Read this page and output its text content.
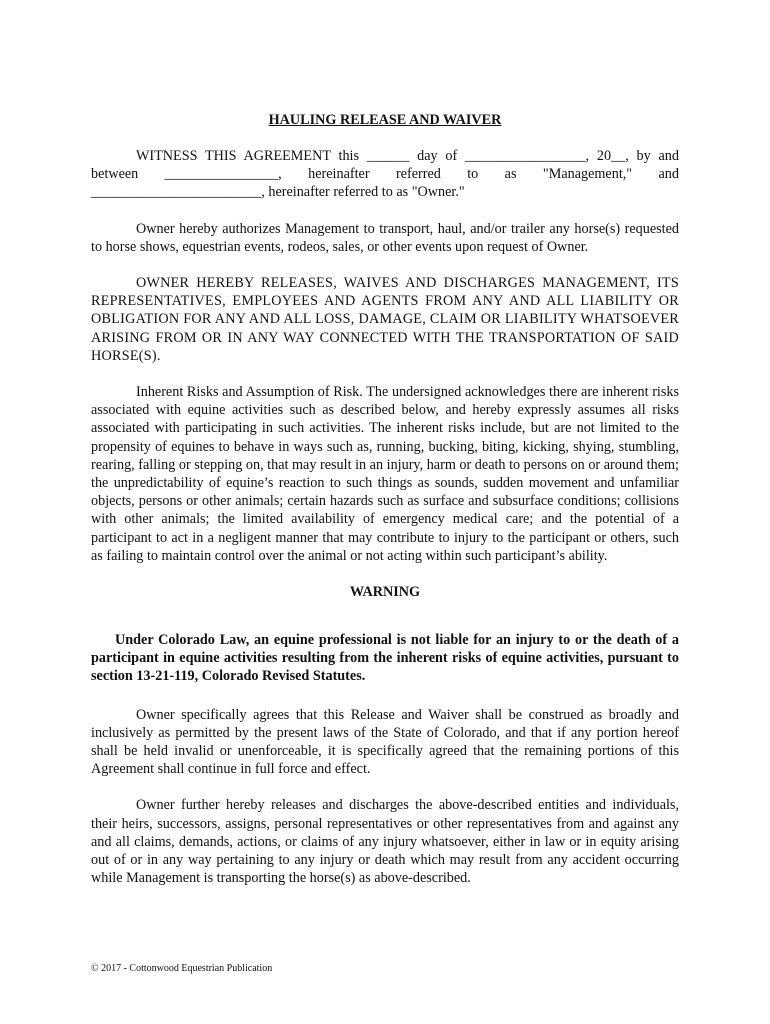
HAULING RELEASE AND WAIVER

WITNESS THIS AGREEMENT this ______ day of _________________, 20__, by and between ________________, hereinafter referred to as "Management," and ________________________, hereinafter referred to as "Owner."

Owner hereby authorizes Management to transport, haul, and/or trailer any horse(s) requested to horse shows, equestrian events, rodeos, sales, or other events upon request of Owner.

OWNER HEREBY RELEASES, WAIVES AND DISCHARGES MANAGEMENT, ITS REPRESENTATIVES, EMPLOYEES AND AGENTS FROM ANY AND ALL LIABILITY OR OBLIGATION FOR ANY AND ALL LOSS, DAMAGE, CLAIM OR LIABILITY WHATSOEVER ARISING FROM OR IN ANY WAY CONNECTED WITH THE TRANSPORTATION OF SAID HORSE(S).

Inherent Risks and Assumption of Risk. The undersigned acknowledges there are inherent risks associated with equine activities such as described below, and hereby expressly assumes all risks associated with participating in such activities. The inherent risks include, but are not limited to the propensity of equines to behave in ways such as, running, bucking, biting, kicking, shying, stumbling, rearing, falling or stepping on, that may result in an injury, harm or death to persons on or around them; the unpredictability of equine’s reaction to such things as sounds, sudden movement and unfamiliar objects, persons or other animals; certain hazards such as surface and subsurface conditions; collisions with other animals; the limited availability of emergency medical care; and the potential of a participant to act in a negligent manner that may contribute to injury to the participant or others, such as failing to maintain control over the animal or not acting within such participant’s ability.

WARNING

Under Colorado Law, an equine professional is not liable for an injury to or the death of a participant in equine activities resulting from the inherent risks of equine activities, pursuant to section 13-21-119, Colorado Revised Statutes.

Owner specifically agrees that this Release and Waiver shall be construed as broadly and inclusively as permitted by the present laws of the State of Colorado, and that if any portion hereof shall be held invalid or unenforceable, it is specifically agreed that the remaining portions of this Agreement shall continue in full force and effect.

Owner further hereby releases and discharges the above-described entities and individuals, their heirs, successors, assigns, personal representatives or other representatives from and against any and all claims, demands, actions, or claims of any injury whatsoever, either in law or in equity arising out of or in any way pertaining to any injury or death which may result from any accident occurring while Management is transporting the horse(s) as above-described.

© 2017 - Cottonwood Equestrian Publication
